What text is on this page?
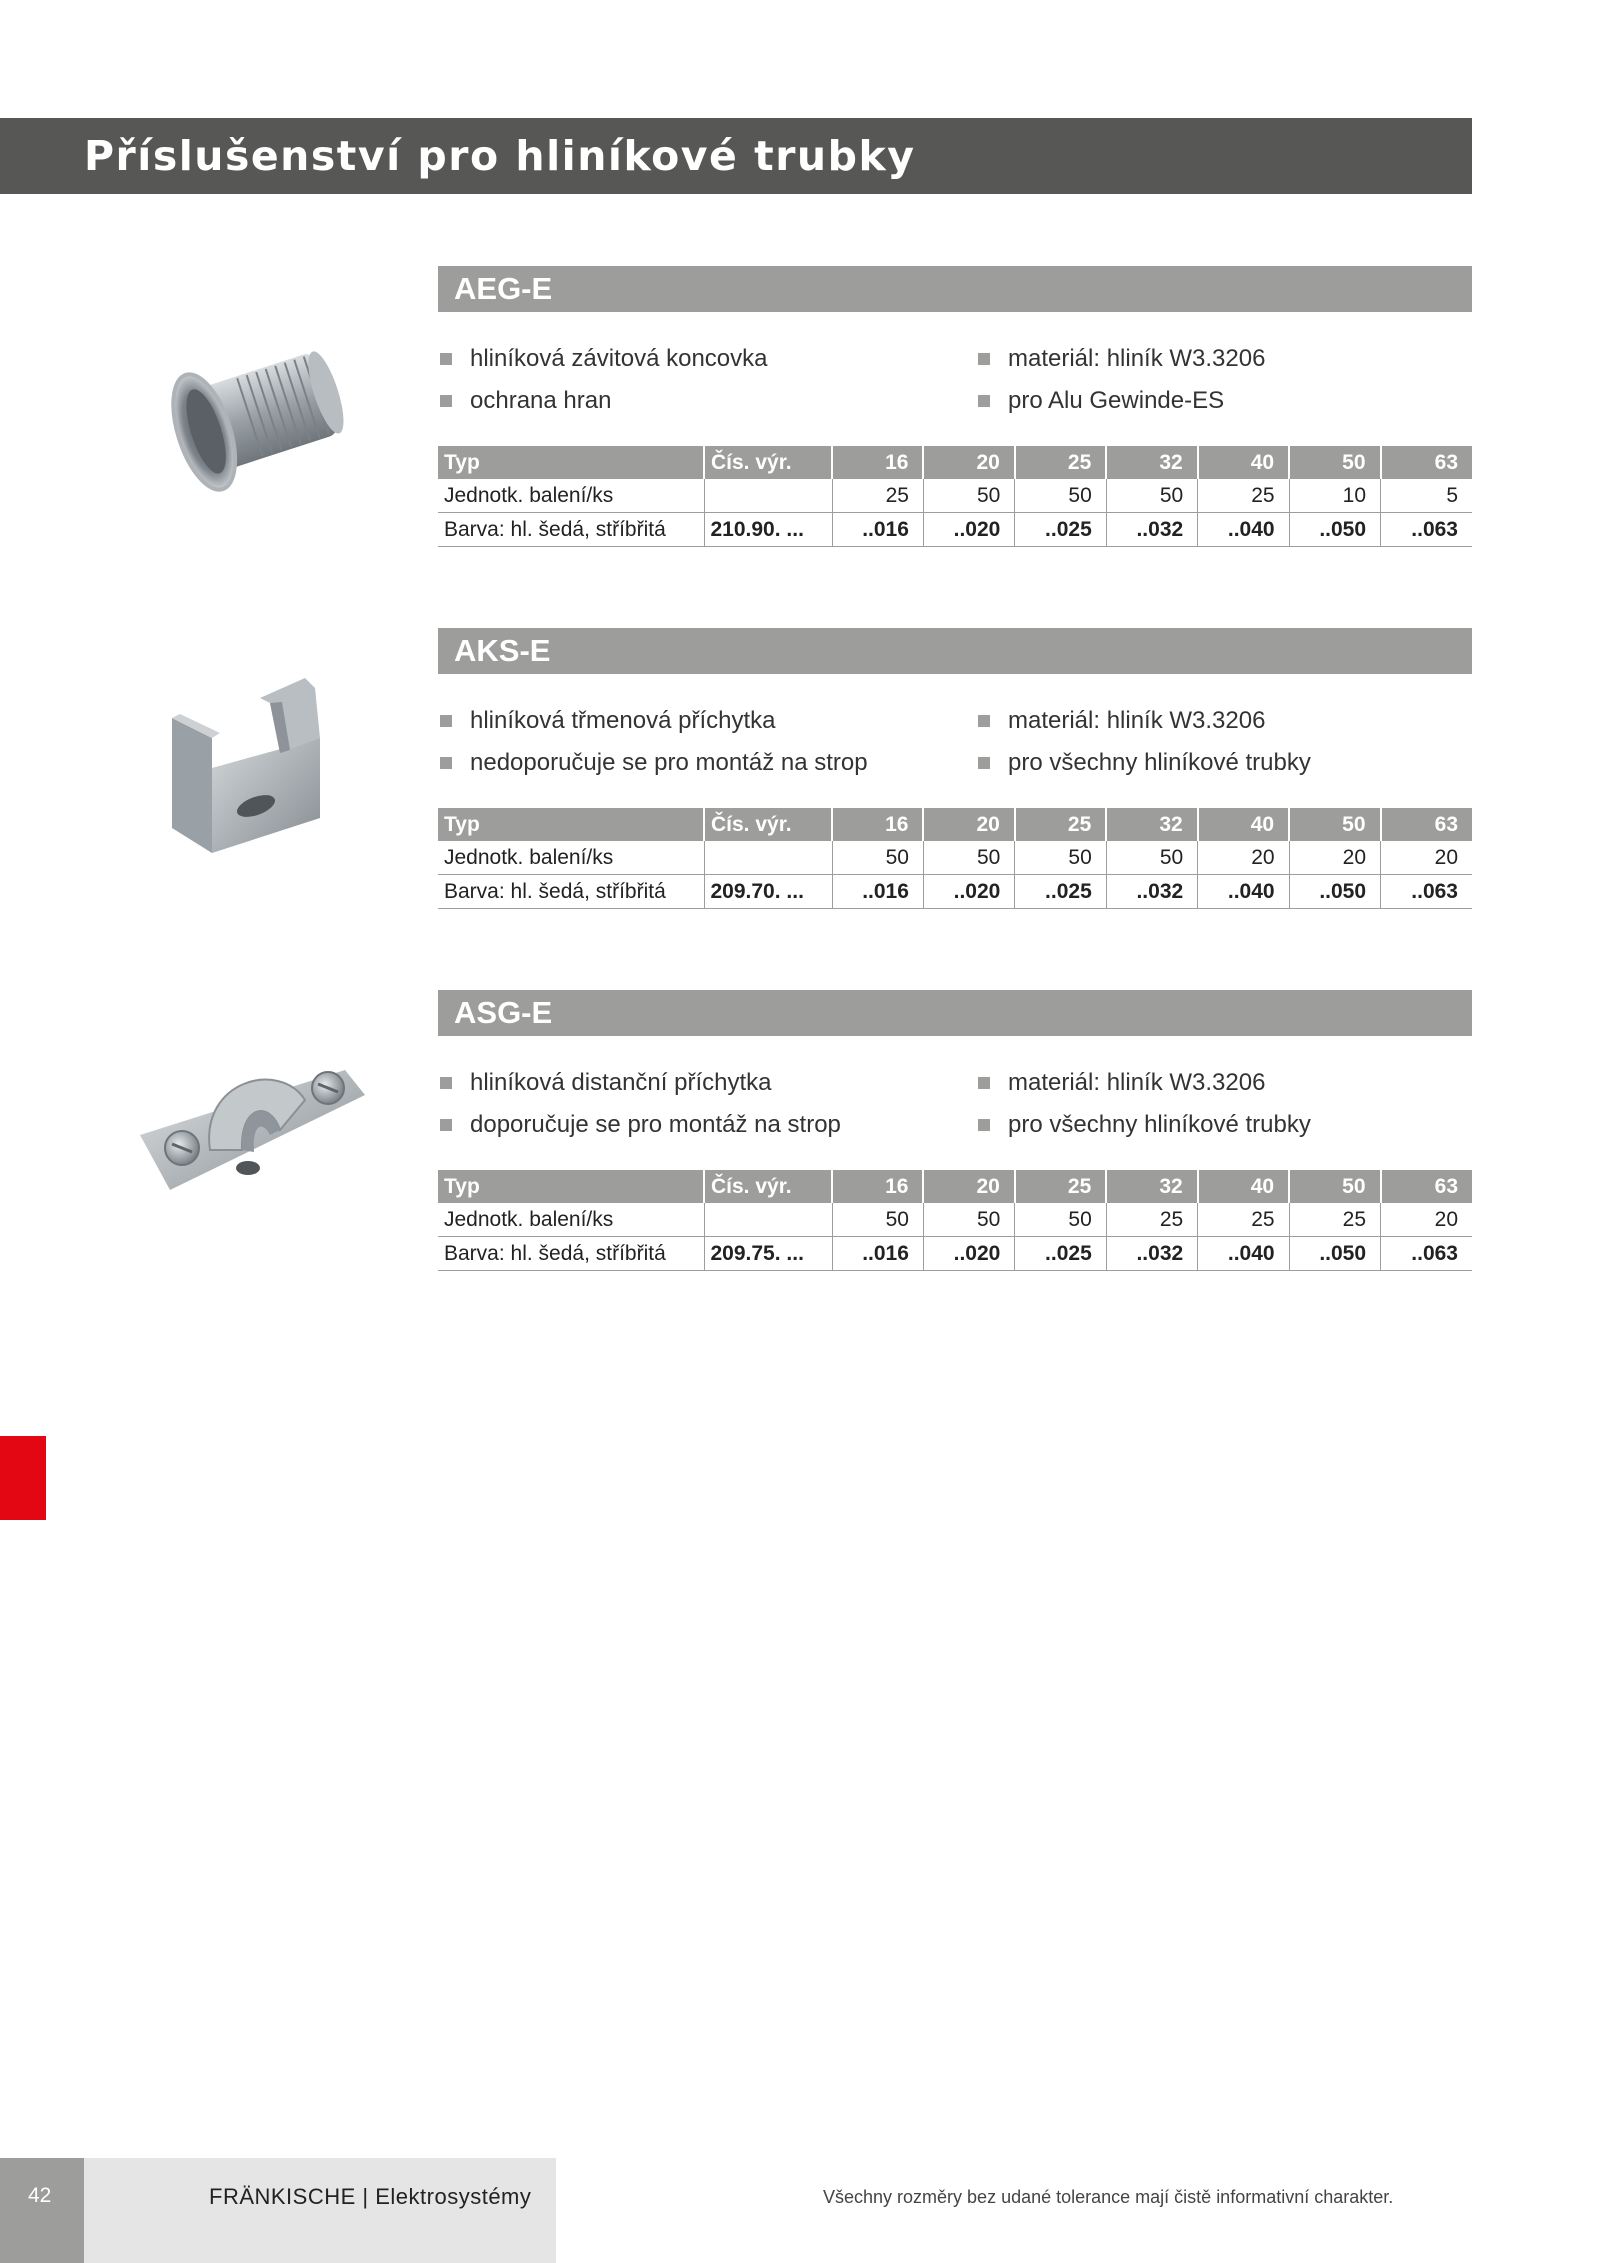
Příslušenství pro hliníkové trubky
AEG-E
hliníková závitová koncovka
ochrana hran
materiál: hliník W3.3206
pro Alu Gewinde-ES
Typ	Čís. výr.	16	20	25	32	40	50	63
Jednotk. balení/ks		25	50	50	50	25	10	5
Barva: hl. šedá, stříbřitá	210.90. ...	..016	..020	..025	..032	..040	..050	..063
AKS-E
hliníková třmenová příchytka
nedoporučuje se pro montáž na strop
materiál: hliník W3.3206
pro všechny hliníkové trubky
Typ	Čís. výr.	16	20	25	32	40	50	63
Jednotk. balení/ks		50	50	50	50	20	20	20
Barva: hl. šedá, stříbřitá	209.70. ...	..016	..020	..025	..032	..040	..050	..063
ASG-E
hliníková distanční příchytka
doporučuje se pro montáž na strop
materiál: hliník W3.3206
pro všechny hliníkové trubky
Typ	Čís. výr.	16	20	25	32	40	50	63
Jednotk. balení/ks		50	50	50	25	25	25	20
Barva: hl. šedá, stříbřitá	209.75. ...	..016	..020	..025	..032	..040	..050	..063
42	FRÄNKISCHE | Elektrosystémy	Všechny rozměry bez udané tolerance mají čistě informativní charakter.
